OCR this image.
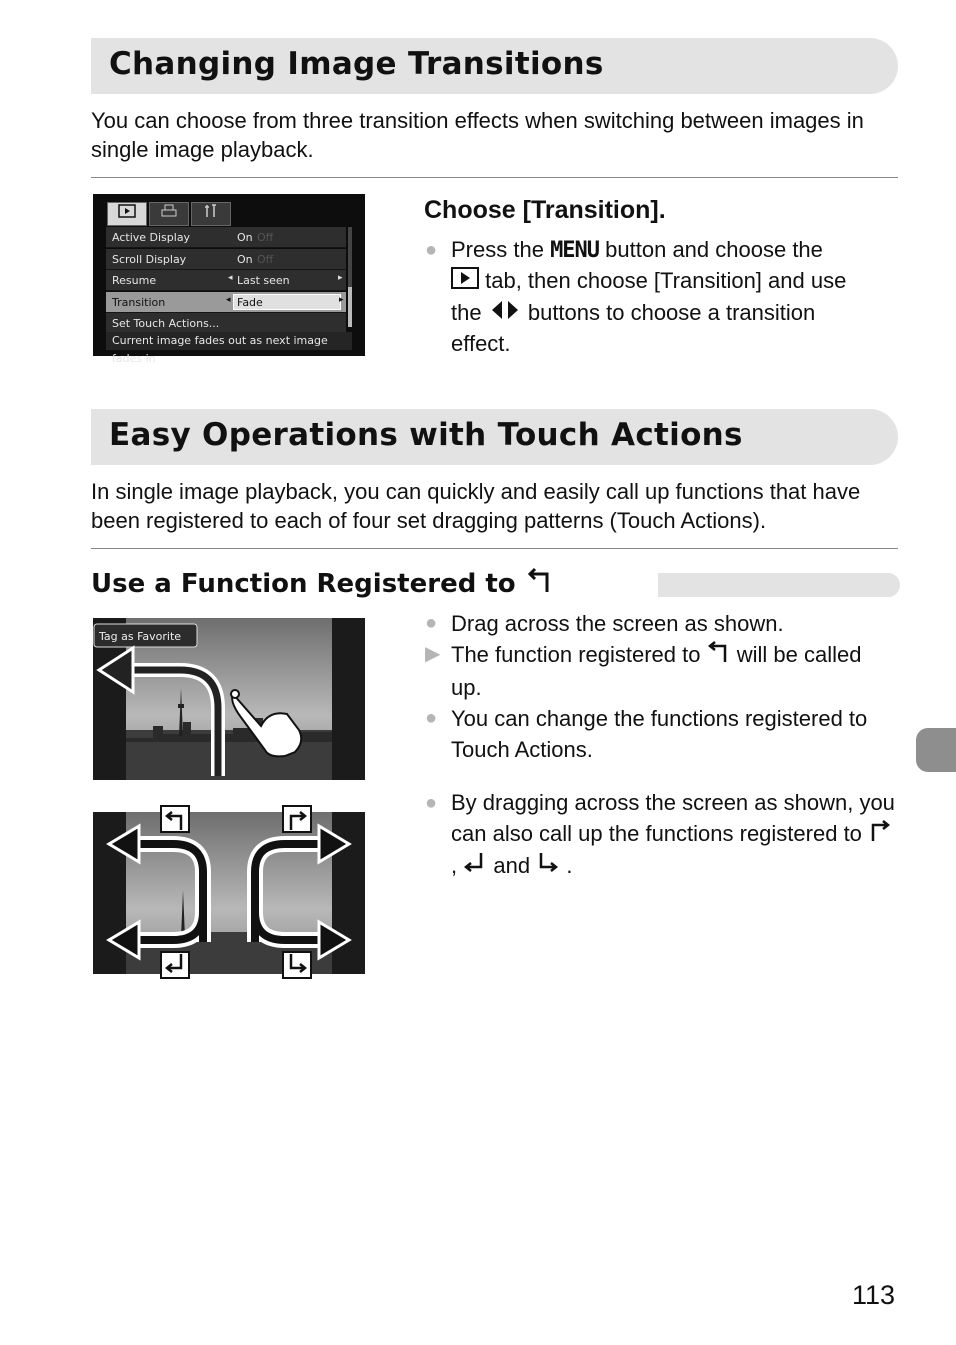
Changing Image Transitions

You can choose from three transition effects when switching between images in single image playback.

Active Display	On Off
Scroll Display	On Off
Resume	◂ Last seen	▸
Transition	◂ Fade	▸
Set Touch Actions...
Current image fades out as next image fades in
Choose [Transition].
● Press the MENU button and choose the
tab, then choose [Transition] and use
the buttons to choose a transition
effect.
Easy Operations with Touch Actions

In single image playback, you can quickly and easily call up functions that have been registered to each of four set dragging patterns (Touch Actions).

Use a Function Registered to
Tag as Favorite
● Drag across the screen as shown.
▶ The function registered to will be called up.
● You can change the functions registered to Touch Actions.
● By dragging across the screen as shown, you can also call up the functions registered to , and .

113
